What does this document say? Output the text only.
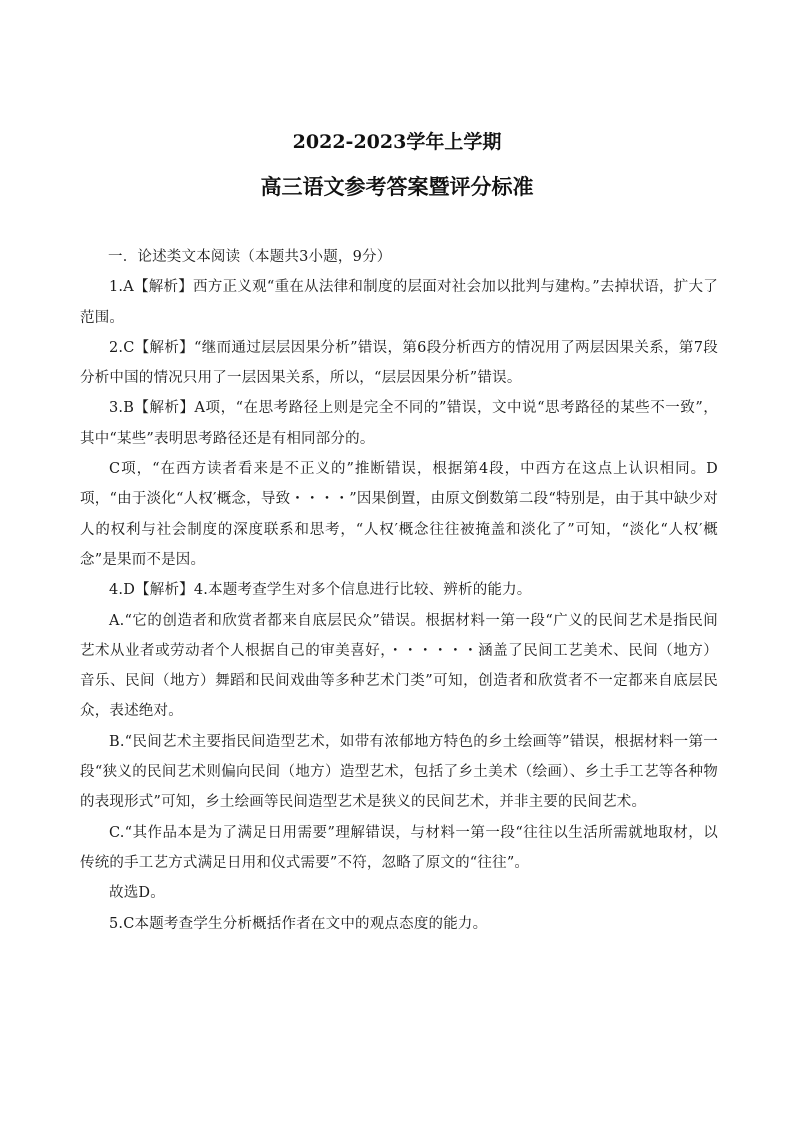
2022-2023学年上学期
高三语文参考答案暨评分标准

一．论述类文本阅读（本题共3小题，9分）

1.A【解析】西方正义观“重在从法律和制度的层面对社会加以批判与建构。”去掉状语，扩大了范围。

2.C【解析】“继而通过层层因果分析”错误，第6段分析西方的情况用了两层因果关系，第7段分析中国的情况只用了一层因果关系，所以，“层层因果分析”错误。

3.B【解析】A项，“在思考路径上则是完全不同的”错误，文中说“思考路径的某些不一致”，其中“某些”表明思考路径还是有相同部分的。

C项，“在西方读者看来是不正义的”推断错误，根据第4段，中西方在这点上认识相同。D项，“由于淡化“人权′概念，导致・・・・”因果倒置，由原文倒数第二段“特别是，由于其中缺少对人的权利与社会制度的深度联系和思考，“人权′概念往往被掩盖和淡化了”可知，“淡化“人权′概念”是果而不是因。

4.D【解析】4.本题考查学生对多个信息进行比较、辨析的能力。

A.“它的创造者和欣赏者都来自底层民众”错误。根据材料一第一段“广义的民间艺术是指民间艺术从业者或劳动者个人根据自己的审美喜好，・・・・・・涵盖了民间工艺美术、民间（地方）音乐、民间（地方）舞蹈和民间戏曲等多种艺术门类”可知，创造者和欣赏者不一定都来自底层民众，表述绝对。

B.“民间艺术主要指民间造型艺术，如带有浓郁地方特色的乡土绘画等”错误，根据材料一第一段“狭义的民间艺术则偏向民间（地方）造型艺术，包括了乡土美术（绘画）、乡土手工艺等各种物的表现形式”可知，乡土绘画等民间造型艺术是狭义的民间艺术，并非主要的民间艺术。

C.“其作品本是为了满足日用需要”理解错误，与材料一第一段“往往以生活所需就地取材，以传统的手工艺方式满足日用和仪式需要”不符，忽略了原文的“往往”。

故选D。

5.C本题考查学生分析概括作者在文中的观点态度的能力。
